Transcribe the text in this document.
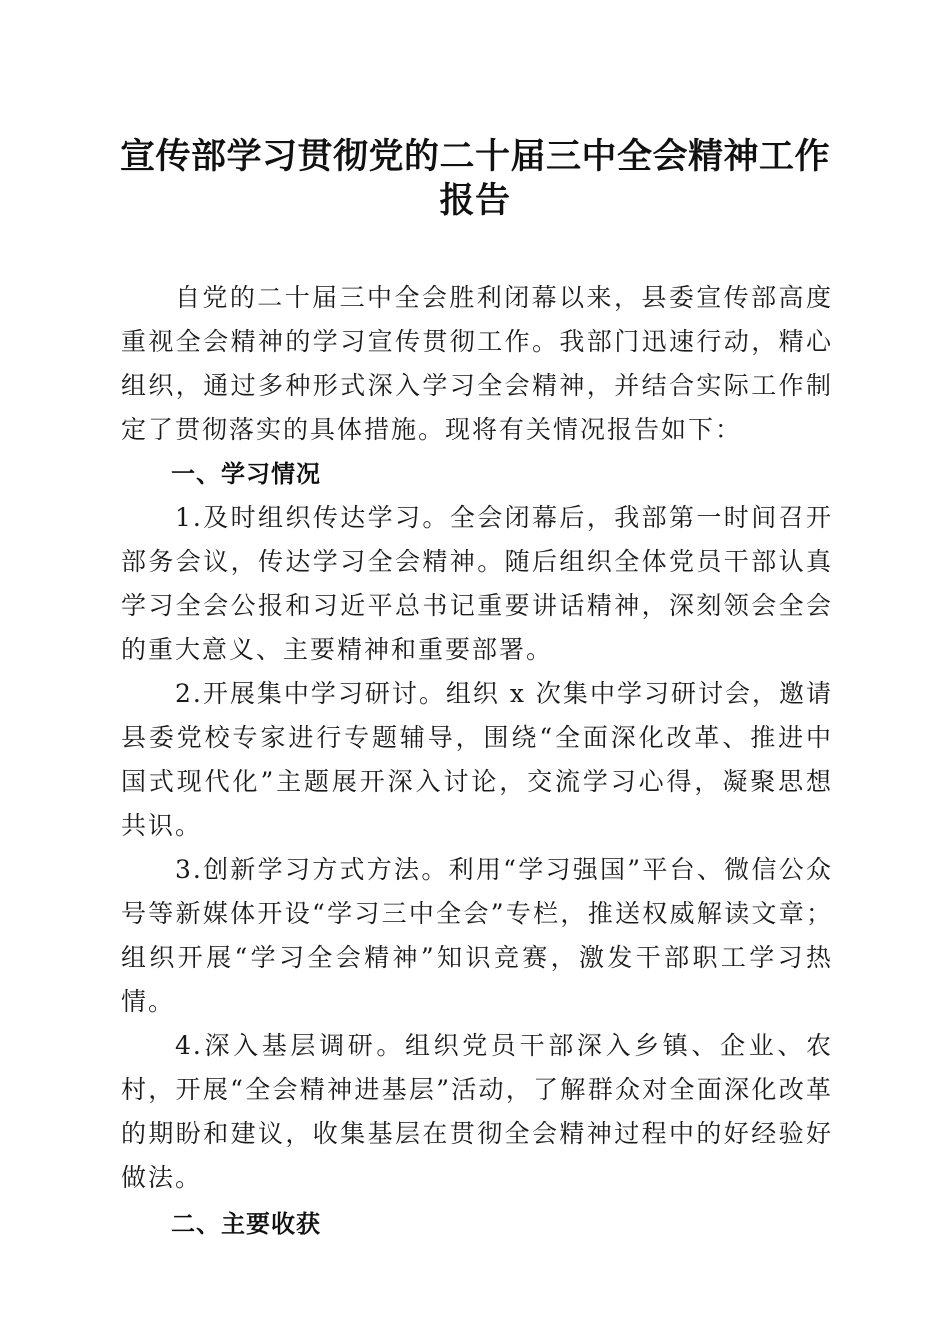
宣传部学习贯彻党的二十届三中全会精神工作报告

自党的二十届三中全会胜利闭幕以来，县委宣传部高度重视全会精神的学习宣传贯彻工作。我部门迅速行动，精心组织，通过多种形式深入学习全会精神，并结合实际工作制定了贯彻落实的具体措施。现将有关情况报告如下：

一、学习情况

1.及时组织传达学习。全会闭幕后，我部第一时间召开部务会议，传达学习全会精神。随后组织全体党员干部认真学习全会公报和习近平总书记重要讲话精神，深刻领会全会的重大意义、主要精神和重要部署。

2.开展集中学习研讨。组织 x 次集中学习研讨会，邀请县委党校专家进行专题辅导，围绕“全面深化改革、推进中国式现代化”主题展开深入讨论，交流学习心得，凝聚思想共识。

3.创新学习方式方法。利用“学习强国”平台、微信公众号等新媒体开设“学习三中全会”专栏，推送权威解读文章；组织开展“学习全会精神”知识竞赛，激发干部职工学习热情。

4.深入基层调研。组织党员干部深入乡镇、企业、农村，开展“全会精神进基层”活动，了解群众对全面深化改革的期盼和建议，收集基层在贯彻全会精神过程中的好经验好做法。

二、主要收获
